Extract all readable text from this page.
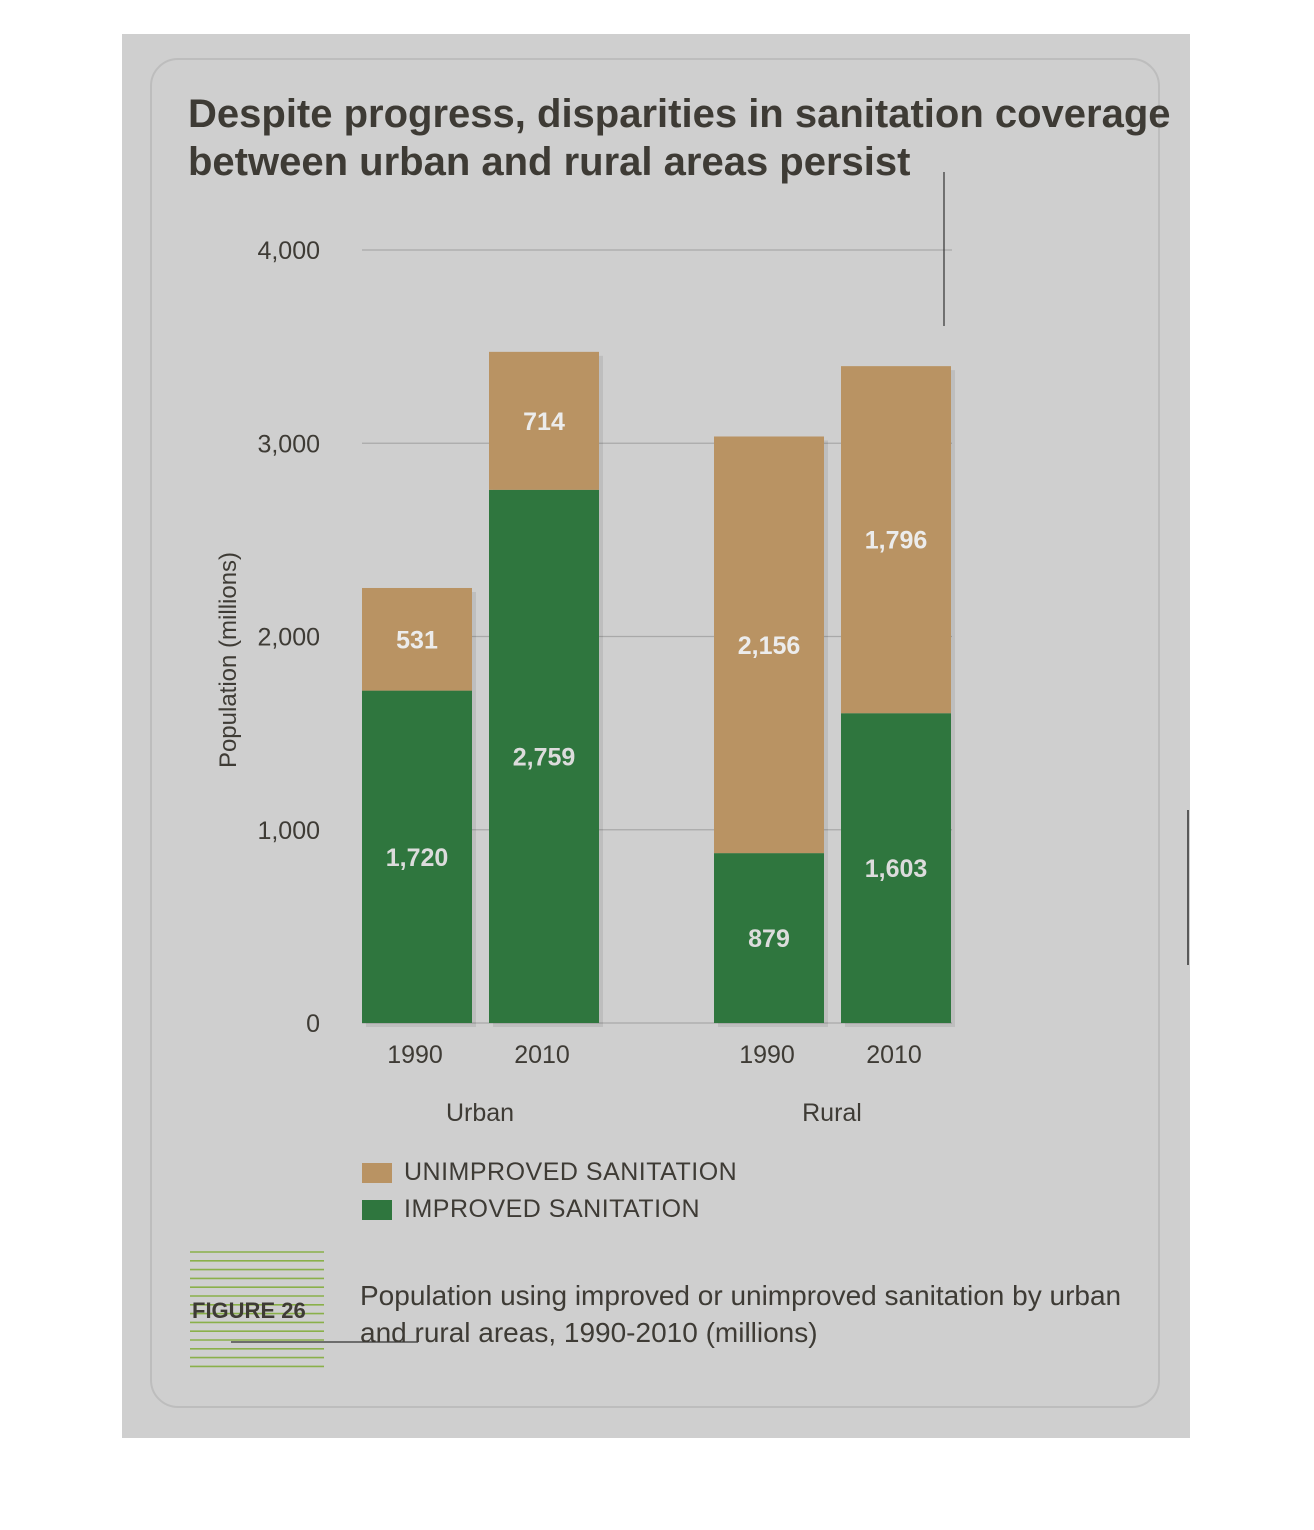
Despite progress, disparities in sanitation coverage between urban and rural areas persist
0
1,000
2,000
3,000
4,000
1,720
531
2,759
714
879
2,156
1,603
1,796
1990	2010	1990	2010
Urban	Rural
Population (millions)
UNIMPROVED SANITATION
IMPROVED SANITATION
FIGURE 26 Population using improved or unimproved sanitation by urban and rural areas, 1990-2010 (millions)
